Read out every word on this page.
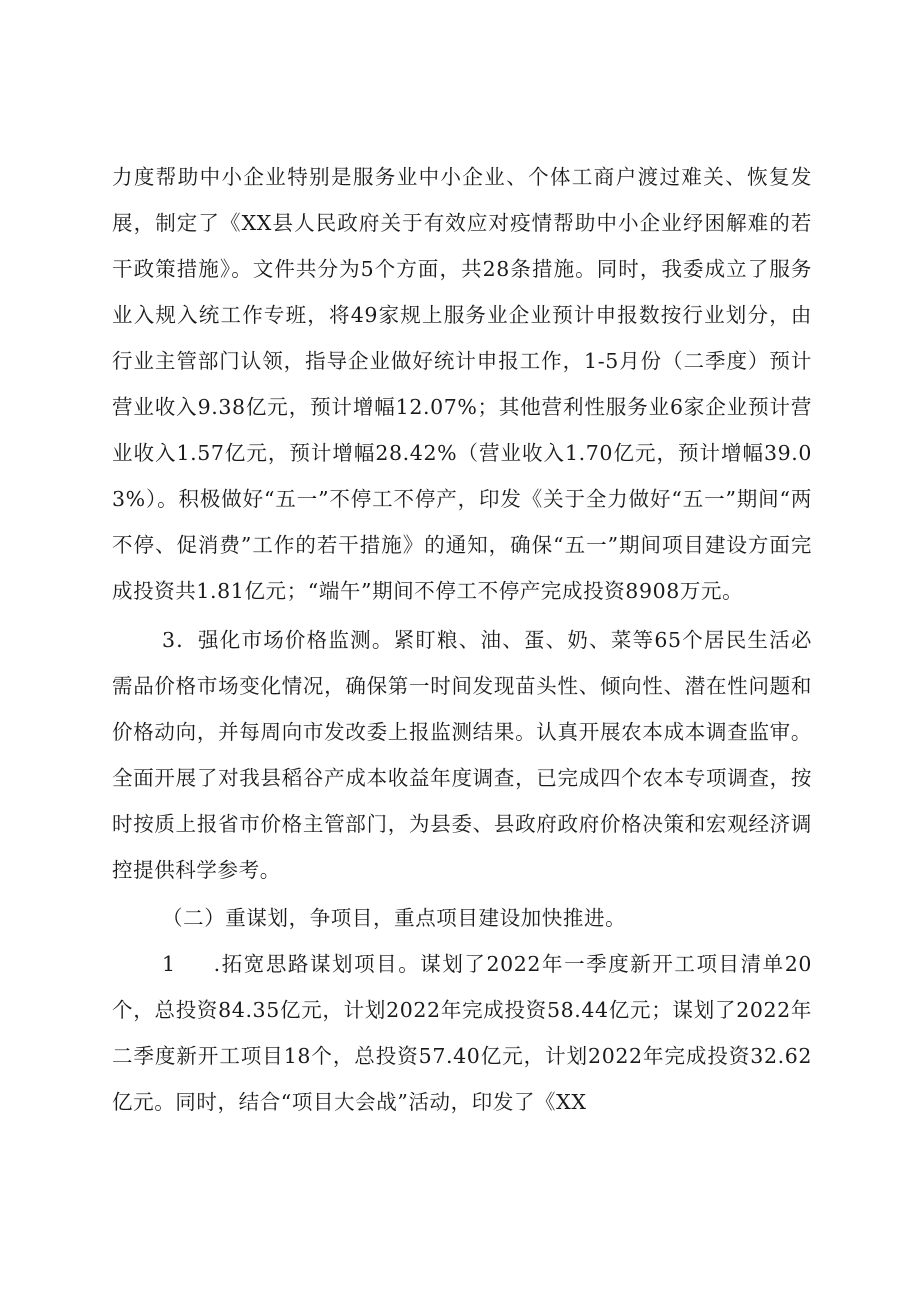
力度帮助中小企业特别是服务业中小企业、个体工商户渡过难关、恢复发展，制定了《XX县人民政府关于有效应对疫情帮助中小企业纾困解难的若干政策措施》。文件共分为5个方面，共28条措施。同时，我委成立了服务业入规入统工作专班，将49家规上服务业企业预计申报数按行业划分，由行业主管部门认领，指导企业做好统计申报工作，1-5月份（二季度）预计营业收入9.38亿元，预计增幅12.07%；其他营利性服务业6家企业预计营业收入1.57亿元，预计增幅28.42%（营业收入1.70亿元，预计增幅39.03%）。积极做好“五一”不停工不停产，印发《关于全力做好“五一”期间“两不停、促消费”工作的若干措施》的通知，确保“五一”期间项目建设方面完成投资共1.81亿元；“端午”期间不停工不停产完成投资8908万元。

3．强化市场价格监测。紧盯粮、油、蛋、奶、菜等65个居民生活必需品价格市场变化情况，确保第一时间发现苗头性、倾向性、潜在性问题和价格动向，并每周向市发改委上报监测结果。认真开展农本成本调查监审。全面开展了对我县稻谷产成本收益年度调查，已完成四个农本专项调查，按时按质上报省市价格主管部门，为县委、县政府政府价格决策和宏观经济调控提供科学参考。

（二）重谋划，争项目，重点项目建设加快推进。

1 .拓宽思路谋划项目。谋划了2022年一季度新开工项目清单20个，总投资84.35亿元，计划2022年完成投资58.44亿元；谋划了2022年二季度新开工项目18个，总投资57.40亿元，计划2022年完成投资32.62亿元。同时，结合“项目大会战”活动，印发了《XX
